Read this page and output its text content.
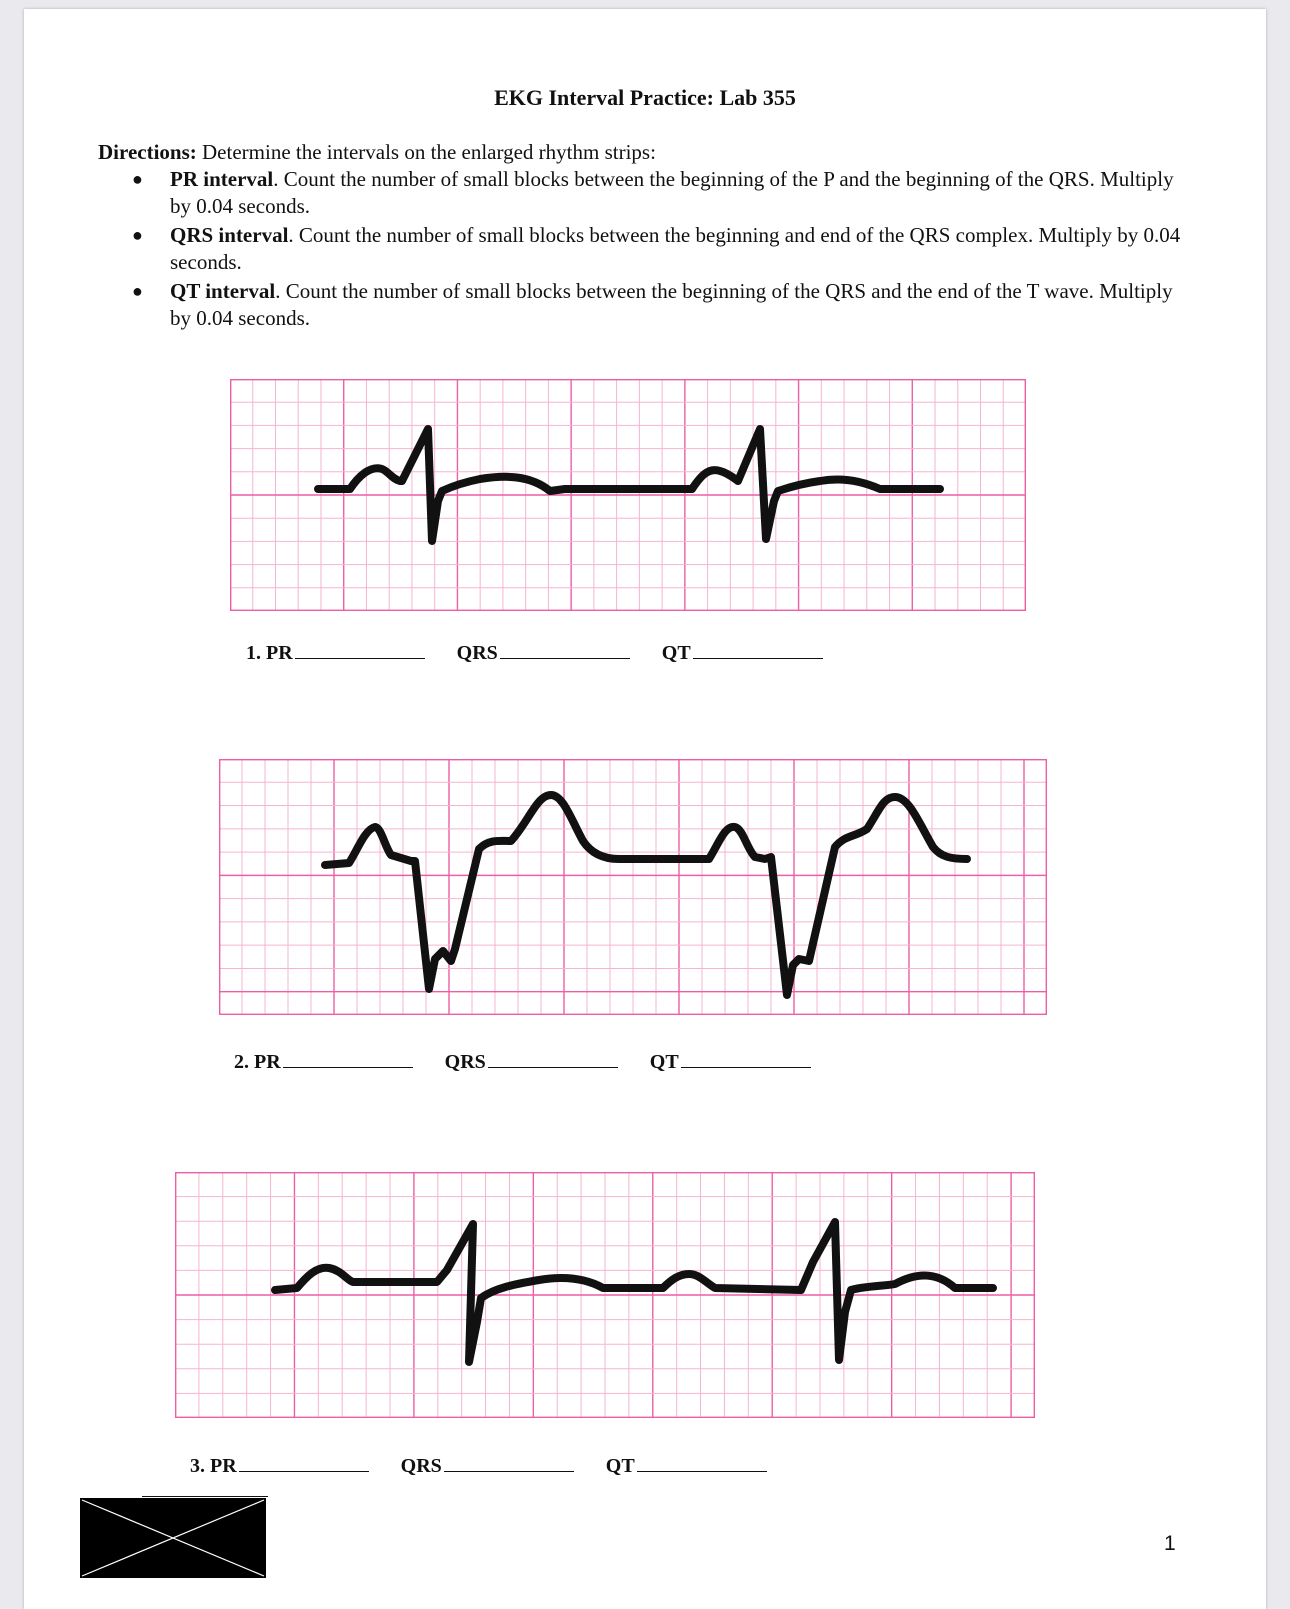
EKG Interval Practice: Lab 355
Directions: Determine the intervals on the enlarged rhythm strips:
● PR interval. Count the number of small blocks between the beginning of the P and the beginning of the QRS. Multiply by 0.04 seconds.
● QRS interval. Count the number of small blocks between the beginning and end of the QRS complex. Multiply by 0.04 seconds.
● QT interval. Count the number of small blocks between the beginning of the QRS and the end of the T wave. Multiply by 0.04 seconds.
1.
PR	QRS	QT
2.
PR	QRS	QT
3.
PR	QRS	QT
1
